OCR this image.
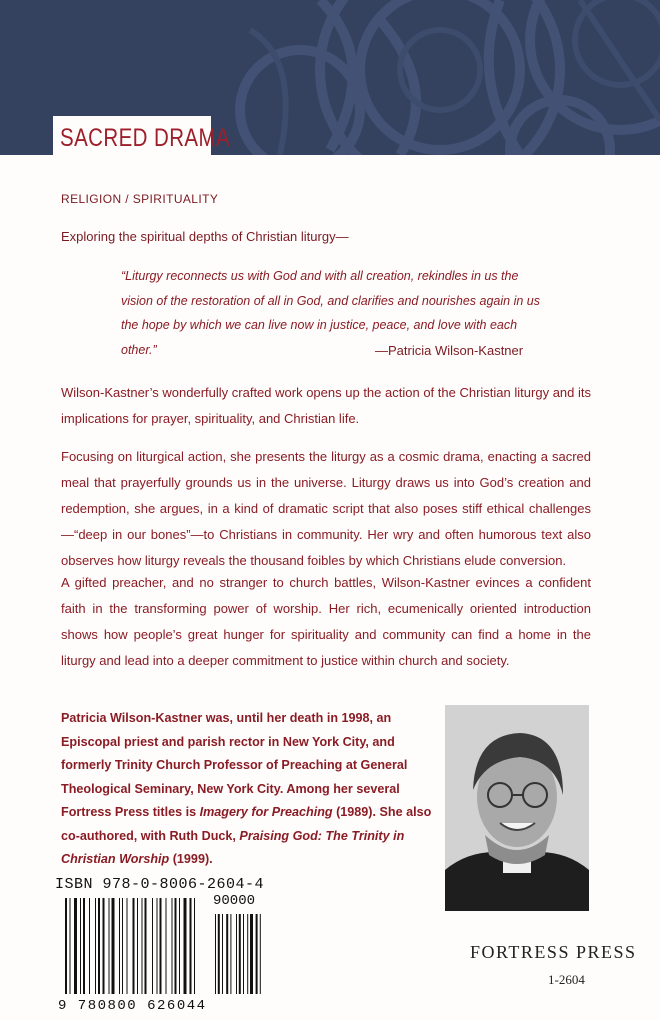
SACRED DRAMA
RELIGION / SPIRITUALITY
Exploring the spiritual depths of Christian liturgy—
“Liturgy reconnects us with God and with all creation, rekindles in us the vision of the restoration of all in God, and clarifies and nourishes again in us the hope by which we can live now in justice, peace, and love with each other.”	—Patricia Wilson-Kastner
Wilson-Kastner’s wonderfully crafted work opens up the action of the Christian liturgy and its implications for prayer, spirituality, and Christian life.
Focusing on liturgical action, she presents the liturgy as a cosmic drama, enacting a sacred meal that prayerfully grounds us in the universe. Liturgy draws us into God’s creation and redemption, she argues, in a kind of dramatic script that also poses stiff ethical challenges—“deep in our bones”—to Christians in community. Her wry and often humorous text also observes how liturgy reveals the thousand foibles by which Christians elude conversion.
A gifted preacher, and no stranger to church battles, Wilson-Kastner evinces a confident faith in the transforming power of worship. Her rich, ecumenically oriented introduction shows how people’s great hunger for spirituality and community can find a home in the liturgy and lead into a deeper commitment to justice within church and society.
Patricia Wilson-Kastner was, until her death in 1998, an Episcopal priest and parish rector in New York City, and formerly Trinity Church Professor of Preaching at General Theological Seminary, New York City. Among her several Fortress Press titles is Imagery for Preaching (1989). She also co-authored, with Ruth Duck, Praising God: The Trinity in Christian Worship (1999).
ISBN 978-0-8006-2604-4
90000
9 780800 626044
FORTRESS PRESS
1-2604
